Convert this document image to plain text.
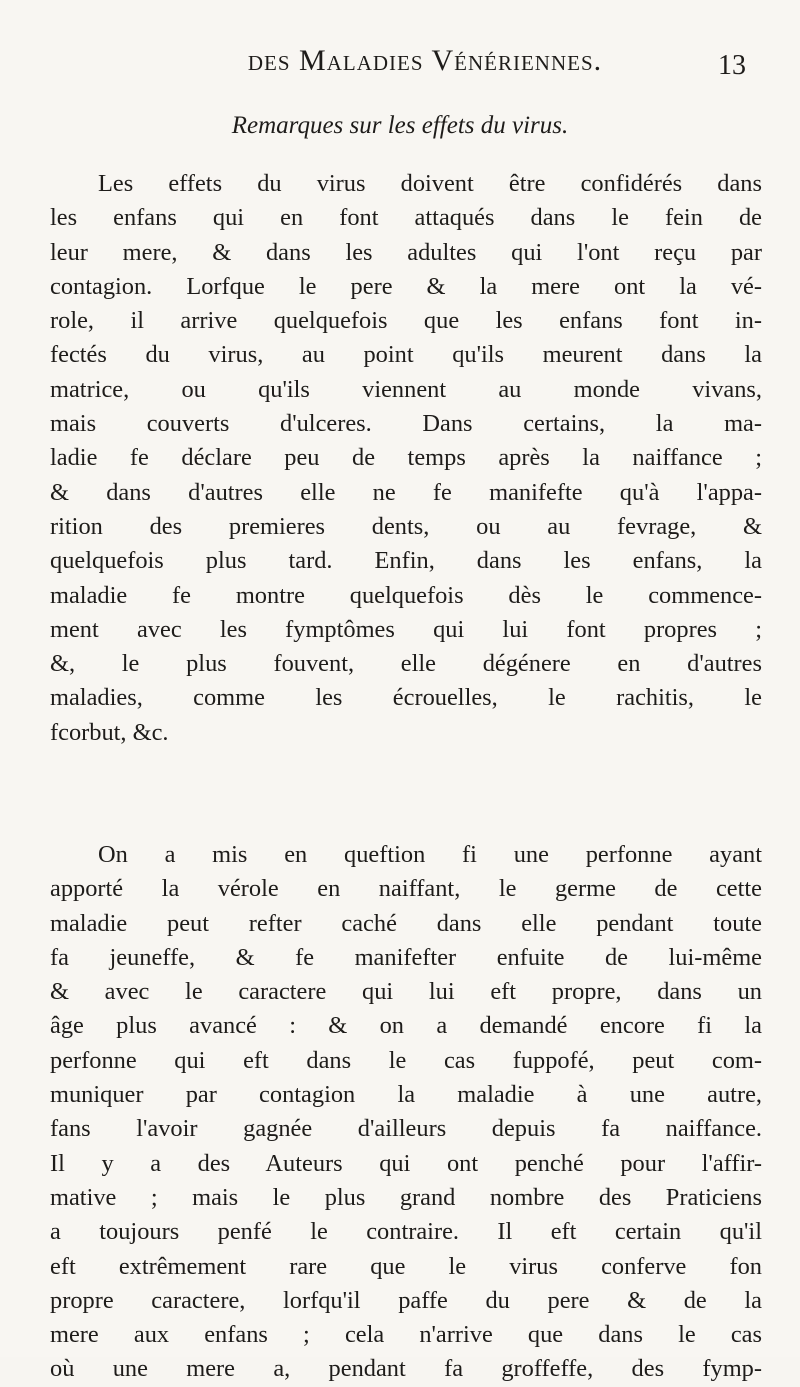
des Maladies Vénériennes.	13
Remarques sur les effets du virus.
Les effets du virus doivent être confidérés dans
les enfans qui en font attaqués dans le fein de
leur mere, & dans les adultes qui l'ont reçu par
contagion. Lorfque le pere & la mere ont la vé-
role, il arrive quelquefois que les enfans font in-
fectés du virus, au point qu'ils meurent dans la
matrice, ou qu'ils viennent au monde vivans,
mais couverts d'ulceres. Dans certains, la ma-
ladie fe déclare peu de temps après la naiffance ;
& dans d'autres elle ne fe manifefte qu'à l'appa-
rition des premieres dents, ou au fevrage, &
quelquefois plus tard. Enfin, dans les enfans, la
maladie fe montre quelquefois dès le commence-
ment avec les fymptômes qui lui font propres ;
&, le plus fouvent, elle dégénere en d'autres
maladies, comme les écrouelles, le rachitis, le
fcorbut, &c.
On a mis en queftion fi une perfonne ayant
apporté la vérole en naiffant, le germe de cette
maladie peut refter caché dans elle pendant toute
fa jeuneffe, & fe manifefter enfuite de lui-même
& avec le caractere qui lui eft propre, dans un
âge plus avancé : & on a demandé encore fi la
perfonne qui eft dans le cas fuppofé, peut com-
muniquer par contagion la maladie à une autre,
fans l'avoir gagnée d'ailleurs depuis fa naiffance.
Il y a des Auteurs qui ont penché pour l'affir-
mative ; mais le plus grand nombre des Praticiens
a toujours penfé le contraire. Il eft certain qu'il
eft extrêmement rare que le virus conferve fon
propre caractere, lorfqu'il paffe du pere & de la
mere aux enfans ; cela n'arrive que dans le cas
où une mere a, pendant fa groffeffe, des fymp-
